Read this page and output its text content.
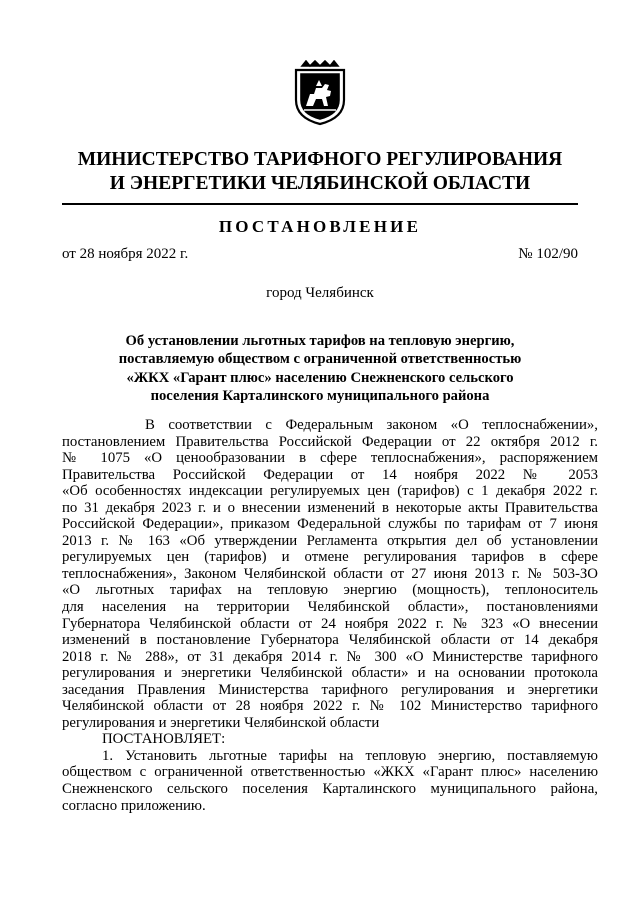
МИНИСТЕРСТВО ТАРИФНОГО РЕГУЛИРОВАНИЯ
И ЭНЕРГЕТИКИ ЧЕЛЯБИНСКОЙ ОБЛАСТИ
ПОСТАНОВЛЕНИЕ
от 28 ноября 2022 г.	№ 102/90
город Челябинск
Об установлении льготных тарифов на тепловую энергию,
поставляемую обществом с ограниченной ответственностью
«ЖКХ «Гарант плюс» населению Снежненского сельского
поселения Карталинского муниципального района
В соответствии с Федеральным законом «О теплоснабжении»,
постановлением Правительства Российской Федерации от 22 октября 2012 г.
№ 1075 «О ценообразовании в сфере теплоснабжения», распоряжением
Правительства Российской Федерации от 14 ноября 2022 № 2053
«Об особенностях индексации регулируемых цен (тарифов) с 1 декабря 2022 г.
по 31 декабря 2023 г. и о внесении изменений в некоторые акты Правительства
Российской Федерации», приказом Федеральной службы по тарифам от 7 июня
2013 г. № 163 «Об утверждении Регламента открытия дел об установлении
регулируемых цен (тарифов) и отмене регулирования тарифов в сфере
теплоснабжения», Законом Челябинской области от 27 июня 2013 г. № 503-ЗО
«О льготных тарифах на тепловую энергию (мощность), теплоноситель
для населения на территории Челябинской области», постановлениями
Губернатора Челябинской области от 24 ноября 2022 г. № 323 «О внесении
изменений в постановление Губернатора Челябинской области от 14 декабря
2018 г. № 288», от 31 декабря 2014 г. № 300 «О Министерстве тарифного
регулирования и энергетики Челябинской области» и на основании протокола
заседания Правления Министерства тарифного регулирования и энергетики
Челябинской области от 28 ноября 2022 г. № 102 Министерство тарифного
регулирования и энергетики Челябинской области
ПОСТАНОВЛЯЕТ:
1. Установить льготные тарифы на тепловую энергию, поставляемую
обществом с ограниченной ответственностью «ЖКХ «Гарант плюс» населению
Снежненского сельского поселения Карталинского муниципального района,
согласно приложению.
